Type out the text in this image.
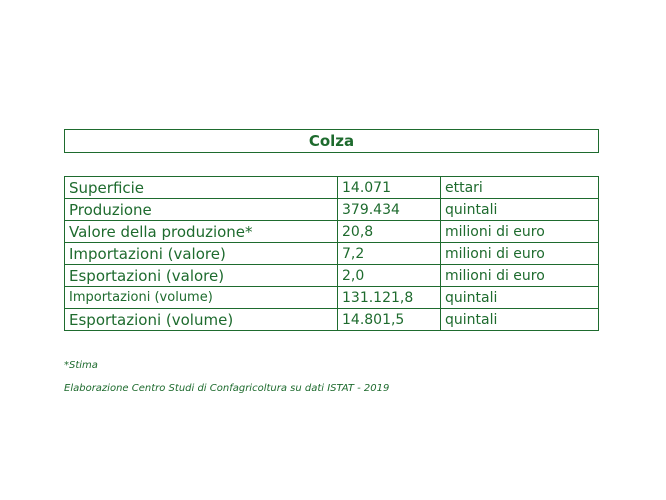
Colza
Superficie	14.071	ettari
Produzione	379.434	quintali
Valore della produzione*	20,8	milioni di euro
Importazioni (valore)	7,2	milioni di euro
Esportazioni (valore)	2,0	milioni di euro
Importazioni (volume)	131.121,8	quintali
Esportazioni (volume)	14.801,5	quintali
*Stima
Elaborazione Centro Studi di Confagricoltura su dati ISTAT - 2019
